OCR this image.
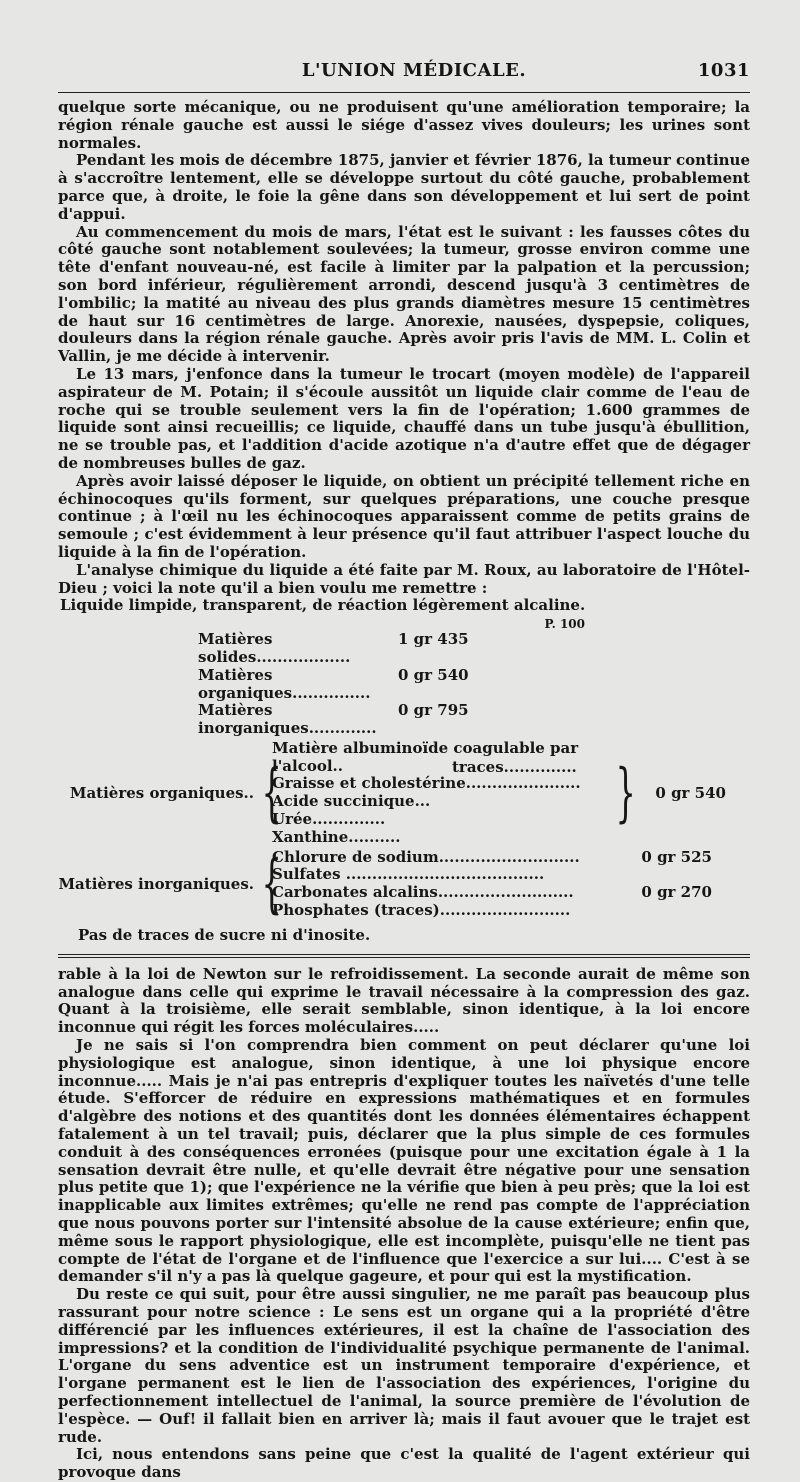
L'UNION MÉDICALE.	1031

quelque sorte mécanique, ou ne produisent qu'une amélioration temporaire; la région rénale gauche est aussi le siége d'assez vives douleurs; les urines sont normales.

Pendant les mois de décembre 1875, janvier et février 1876, la tumeur continue à s'accroître lentement, elle se développe surtout du côté gauche, probablement parce que, à droite, le foie la gêne dans son développement et lui sert de point d'appui.

Au commencement du mois de mars, l'état est le suivant : les fausses côtes du côté gauche sont notablement soulevées; la tumeur, grosse environ comme une tête d'enfant nouveau-né, est facile à limiter par la palpation et la percussion; son bord inférieur, régulièrement arrondi, descend jusqu'à 3 centimètres de l'ombilic; la matité au niveau des plus grands diamètres mesure 15 centimètres de haut sur 16 centimètres de large. Anorexie, nausées, dyspepsie, coliques, douleurs dans la région rénale gauche. Après avoir pris l'avis de MM. L. Colin et Vallin, je me décide à intervenir.

Le 13 mars, j'enfonce dans la tumeur le trocart (moyen modèle) de l'appareil aspirateur de M. Potain; il s'écoule aussitôt un liquide clair comme de l'eau de roche qui se trouble seulement vers la fin de l'opération; 1.600 grammes de liquide sont ainsi recueillis; ce liquide, chauffé dans un tube jusqu'à ébullition, ne se trouble pas, et l'addition d'acide azotique n'a d'autre effet que de dégager de nombreuses bulles de gaz.

Après avoir laissé déposer le liquide, on obtient un précipité tellement riche en échinocoques qu'ils forment, sur quelques préparations, une couche presque continue ; à l'œil nu les échinocoques apparaissent comme de petits grains de semoule ; c'est évidemment à leur présence qu'il faut attribuer l'aspect louche du liquide à la fin de l'opération.

L'analyse chimique du liquide a été faite par M. Roux, au laboratoire de l'Hôtel-Dieu ; voici la note qu'il a bien voulu me remettre :

Liquide limpide, transparent, de réaction légèrement alcaline.
P. 100
Matières solides..................
1 gr 435
Matières organiques...............
0 gr 540
Matières inorganiques.............
0 gr 795
Matières organiques.. {
Matière albuminoïde coagulable par l'alcool..
Graisse et cholestérine......................
Acide succinique...
Urée..............
Xanthine..........
traces.............. }	0 gr 540
Matières inorganiques. {
Chlorure de sodium...........................
Sulfates ......................................
Carbonates alcalins..........................
Phosphates (traces).........................
0 gr 525

0 gr 270

Pas de traces de sucre ni d'inosite.

rable à la loi de Newton sur le refroidissement. La seconde aurait de même son analogue dans celle qui exprime le travail nécessaire à la compression des gaz. Quant à la troisième, elle serait semblable, sinon identique, à la loi encore inconnue qui régit les forces moléculaires.....

Je ne sais si l'on comprendra bien comment on peut déclarer qu'une loi physiologique est analogue, sinon identique, à une loi physique encore inconnue..... Mais je n'ai pas entrepris d'expliquer toutes les naïvetés d'une telle étude. S'efforcer de réduire en expressions mathématiques et en formules d'algèbre des notions et des quantités dont les données élémentaires échappent fatalement à un tel travail; puis, déclarer que la plus simple de ces formules conduit à des conséquences erronées (puisque pour une excitation égale à 1 la sensation devrait être nulle, et qu'elle devrait être négative pour une sensation plus petite que 1); que l'expérience ne la vérifie que bien à peu près; que la loi est inapplicable aux limites extrêmes; qu'elle ne rend pas compte de l'appréciation que nous pouvons porter sur l'intensité absolue de la cause extérieure; enfin que, même sous le rapport physiologique, elle est incomplète, puisqu'elle ne tient pas compte de l'état de l'organe et de l'influence que l'exercice a sur lui.... C'est à se demander s'il n'y a pas là quelque gageure, et pour qui est la mystification.

Du reste ce qui suit, pour être aussi singulier, ne me paraît pas beaucoup plus rassurant pour notre science : Le sens est un organe qui a la propriété d'être différencié par les influences extérieures, il est la chaîne de l'association des impressions? et la condition de l'individualité psychique permanente de l'animal. L'organe du sens adventice est un instrument temporaire d'expérience, et l'organe permanent est le lien de l'association des expériences, l'origine du perfectionnement intellectuel de l'animal, la source première de l'évolution de l'espèce. — Ouf! il fallait bien en arriver là; mais il faut avouer que le trajet est rude.

Ici, nous entendons sans peine que c'est la qualité de l'agent extérieur qui provoque dans
